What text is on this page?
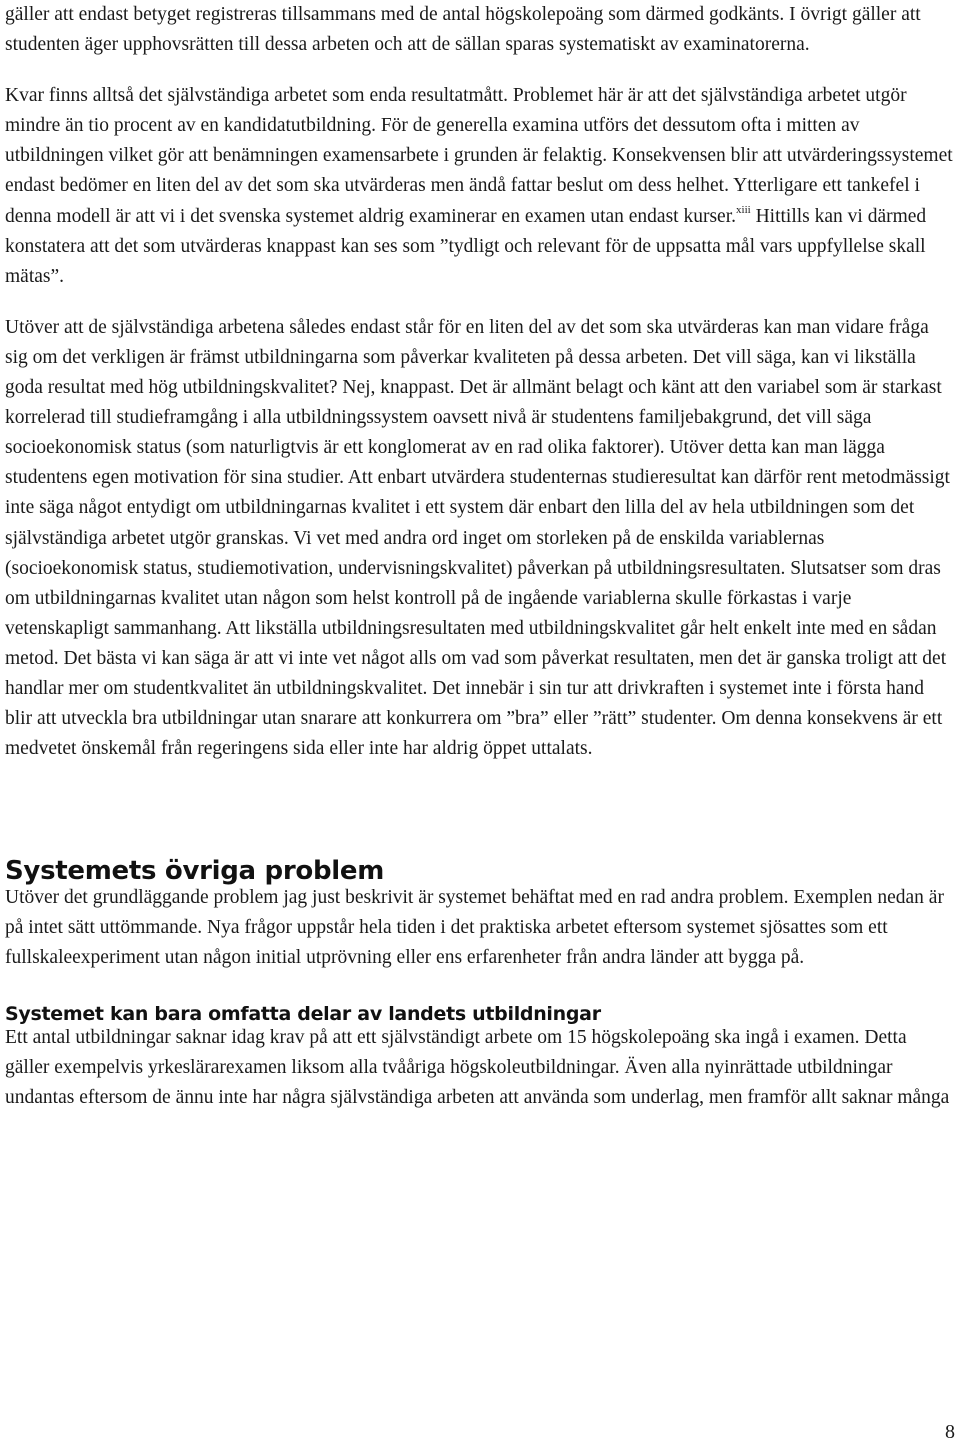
gäller att endast betyget registreras tillsammans med de antal högskolepoäng som därmed godkänts. I övrigt gäller att studenten äger upphovsrätten till dessa arbeten och att de sällan sparas systematiskt av examinatorerna.

Kvar finns alltså det självständiga arbetet som enda resultatmått. Problemet här är att det självständiga arbetet utgör mindre än tio procent av en kandidatutbildning. För de generella examina utförs det dessutom ofta i mitten av utbildningen vilket gör att benämningen examensarbete i grunden är felaktig. Konsekvensen blir att utvärderingssystemet endast bedömer en liten del av det som ska utvärderas men ändå fattar beslut om dess helhet. Ytterligare ett tankefel i denna modell är att vi i det svenska systemet aldrig examinerar en examen utan endast kurser.$^{xiii}$ Hittills kan vi därmed konstatera att det som utvärderas knappast kan ses som ”tydligt och relevant för de uppsatta mål vars uppfyllelse skall mätas”.

Utöver att de självständiga arbetena således endast står för en liten del av det som ska utvärderas kan man vidare fråga sig om det verkligen är främst utbildningarna som påverkar kvaliteten på dessa arbeten. Det vill säga, kan vi likställa goda resultat med hög utbildningskvalitet? Nej, knappast. Det är allmänt belagt och känt att den variabel som är starkast korrelerad till studieframgång i alla utbildningssystem oavsett nivå är studentens familjebakgrund, det vill säga socioekonomisk status (som naturligtvis är ett konglomerat av en rad olika faktorer). Utöver detta kan man lägga studentens egen motivation för sina studier. Att enbart utvärdera studenternas studieresultat kan därför rent metodmässigt inte säga något entydigt om utbildningarnas kvalitet i ett system där enbart den lilla del av hela utbildningen som det självständiga arbetet utgör granskas. Vi vet med andra ord inget om storleken på de enskilda variablernas (socioekonomisk status, studiemotivation, undervisningskvalitet) påverkan på utbildningsresultaten. Slutsatser som dras om utbildningarnas kvalitet utan någon som helst kontroll på de ingående variablerna skulle förkastas i varje vetenskapligt sammanhang. Att likställa utbildningsresultaten med utbildningskvalitet går helt enkelt inte med en sådan metod. Det bästa vi kan säga är att vi inte vet något alls om vad som påverkat resultaten, men det är ganska troligt att det handlar mer om studentkvalitet än utbildningskvalitet. Det innebär i sin tur att drivkraften i systemet inte i första hand blir att utveckla bra utbildningar utan snarare att konkurrera om ”bra” eller ”rätt” studenter. Om denna konsekvens är ett medvetet önskemål från regeringens sida eller inte har aldrig öppet uttalats.

Systemets övriga problem

Utöver det grundläggande problem jag just beskrivit är systemet behäftat med en rad andra problem. Exemplen nedan är på intet sätt uttömmande. Nya frågor uppstår hela tiden i det praktiska arbetet eftersom systemet sjösattes som ett fullskaleexperiment utan någon initial utprövning eller ens erfarenheter från andra länder att bygga på.

Systemet kan bara omfatta delar av landets utbildningar

Ett antal utbildningar saknar idag krav på att ett självständigt arbete om 15 högskolepoäng ska ingå i examen. Detta gäller exempelvis yrkeslärarexamen liksom alla tvååriga högskoleutbildningar. Även alla nyinrättade utbildningar undantas eftersom de ännu inte har några självständiga arbeten att använda som underlag, men framför allt saknar många

8
